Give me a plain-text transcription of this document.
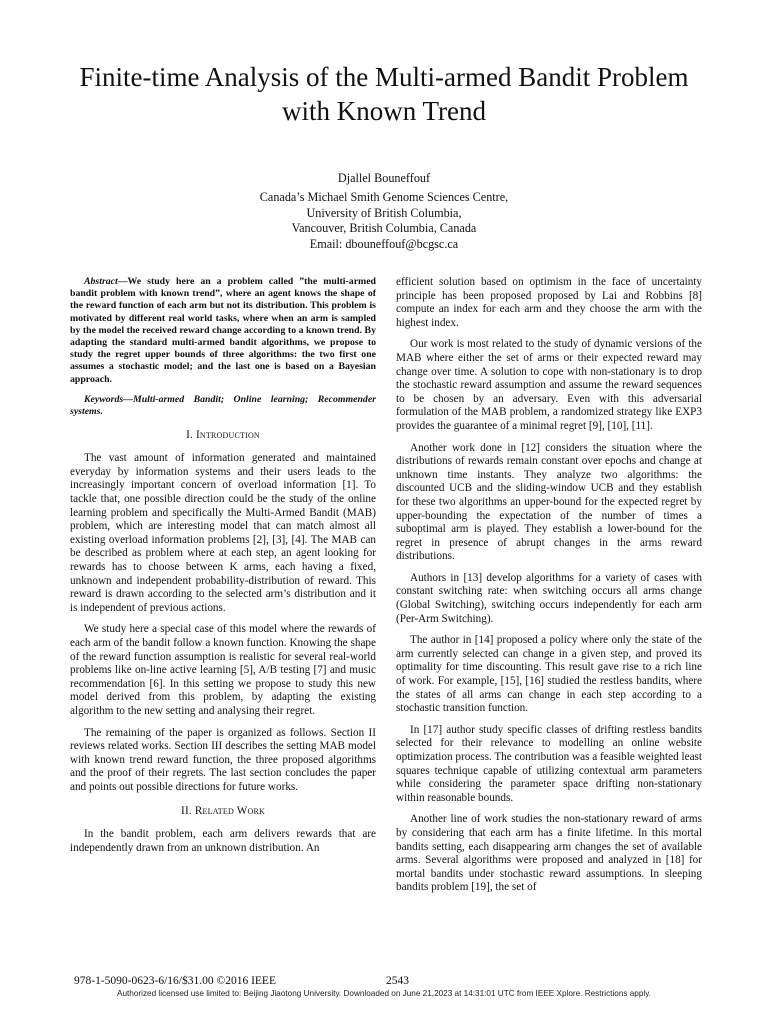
Finite-time Analysis of the Multi-armed Bandit Problem with Known Trend
Djallel Bouneffouf
Canada’s Michael Smith Genome Sciences Centre,
University of British Columbia,
Vancouver, British Columbia, Canada
Email: dbouneffouf@bcgsc.ca

Abstract—We study here an a problem called ”the multi-armed bandit problem with known trend”, where an agent knows the shape of the reward function of each arm but not its distribution. This problem is motivated by different real world tasks, where when an arm is sampled by the model the received reward change according to a known trend. By adapting the standard multi-armed bandit algorithms, we propose to study the regret upper bounds of three algorithms: the two first one assumes a stochastic model; and the last one is based on a Bayesian approach.

Keywords—Multi-armed Bandit; Online learning; Recommender systems.

I. Introduction

The vast amount of information generated and maintained everyday by information systems and their users leads to the increasingly important concern of overload information [1]. To tackle that, one possible direction could be the study of the online learning problem and specifically the Multi-Armed Bandit (MAB) problem, which are interesting model that can match almost all existing overload information problems [2], [3], [4]. The MAB can be described as problem where at each step, an agent looking for rewards has to choose between K arms, each having a fixed, unknown and independent probability-distribution of reward. This reward is drawn according to the selected arm’s distribution and it is independent of previous actions.

We study here a special case of this model where the rewards of each arm of the bandit follow a known function. Knowing the shape of the reward function assumption is realistic for several real-world problems like on-line active learning [5], A/B testing [7] and music recommendation [6]. In this setting we propose to study this new model derived from this problem, by adapting the existing algorithm to the new setting and analysing their regret.

The remaining of the paper is organized as follows. Section II reviews related works. Section III describes the setting MAB model with known trend reward function, the three proposed algorithms and the proof of their regrets. The last section concludes the paper and points out possible directions for future works.

II. Related Work

In the bandit problem, each arm delivers rewards that are independently drawn from an unknown distribution. An

efficient solution based on optimism in the face of uncertainty principle has been proposed proposed by Lai and Robbins [8] compute an index for each arm and they choose the arm with the highest index.

Our work is most related to the study of dynamic versions of the MAB where either the set of arms or their expected reward may change over time. A solution to cope with non-stationary is to drop the stochastic reward assumption and assume the reward sequences to be chosen by an adversary. Even with this adversarial formulation of the MAB problem, a randomized strategy like EXP3 provides the guarantee of a minimal regret [9], [10], [11].

Another work done in [12] considers the situation where the distributions of rewards remain constant over epochs and change at unknown time instants. They analyze two algorithms: the discounted UCB and the sliding-window UCB and they establish for these two algorithms an upper-bound for the expected regret by upper-bounding the expectation of the number of times a suboptimal arm is played. They establish a lower-bound for the regret in presence of abrupt changes in the arms reward distributions.

Authors in [13] develop algorithms for a variety of cases with constant switching rate: when switching occurs all arms change (Global Switching), switching occurs independently for each arm (Per-Arm Switching).

The author in [14] proposed a policy where only the state of the arm currently selected can change in a given step, and proved its optimality for time discounting. This result gave rise to a rich line of work. For example, [15], [16] studied the restless bandits, where the states of all arms can change in each step according to a stochastic transition function.

In [17] author study specific classes of drifting restless bandits selected for their relevance to modelling an online website optimization process. The contribution was a feasible weighted least squares technique capable of utilizing contextual arm parameters while considering the parameter space drifting non-stationary within reasonable bounds.

Another line of work studies the non-stationary reward of arms by considering that each arm has a finite lifetime. In this mortal bandits setting, each disappearing arm changes the set of available arms. Several algorithms were proposed and analyzed in [18] for mortal bandits under stochastic reward assumptions. In sleeping bandits problem [19], the set of

978-1-5090-0623-6/16/$31.00 ©2016 IEEE	2543
Authorized licensed use limited to: Beijing Jiaotong University. Downloaded on June 21,2023 at 14:31:01 UTC from IEEE Xplore. Restrictions apply.
